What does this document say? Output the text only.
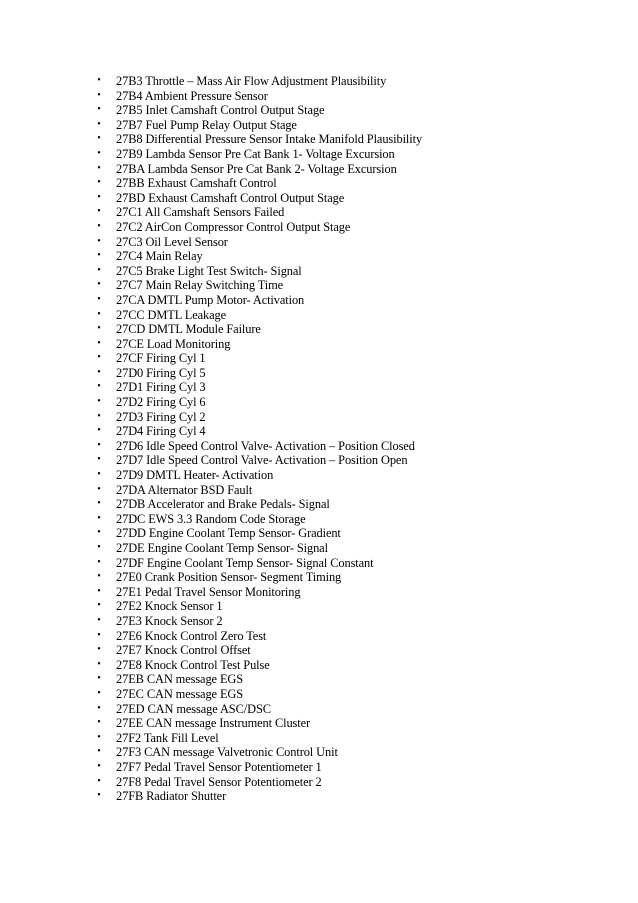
• 27B3 Throttle – Mass Air Flow Adjustment Plausibility
• 27B4 Ambient Pressure Sensor
• 27B5 Inlet Camshaft Control Output Stage
• 27B7 Fuel Pump Relay Output Stage
• 27B8 Differential Pressure Sensor Intake Manifold Plausibility
• 27B9 Lambda Sensor Pre Cat Bank 1- Voltage Excursion
• 27BA Lambda Sensor Pre Cat Bank 2- Voltage Excursion
• 27BB Exhaust Camshaft Control
• 27BD Exhaust Camshaft Control Output Stage
• 27C1 All Camshaft Sensors Failed
• 27C2 AirCon Compressor Control Output Stage
• 27C3 Oil Level Sensor
• 27C4 Main Relay
• 27C5 Brake Light Test Switch- Signal
• 27C7 Main Relay Switching Time
• 27CA DMTL Pump Motor- Activation
• 27CC DMTL Leakage
• 27CD DMTL Module Failure
• 27CE Load Monitoring
• 27CF Firing Cyl 1
• 27D0 Firing Cyl 5
• 27D1 Firing Cyl 3
• 27D2 Firing Cyl 6
• 27D3 Firing Cyl 2
• 27D4 Firing Cyl 4
• 27D6 Idle Speed Control Valve- Activation – Position Closed
• 27D7 Idle Speed Control Valve- Activation – Position Open
• 27D9 DMTL Heater- Activation
• 27DA Alternator BSD Fault
• 27DB Accelerator and Brake Pedals- Signal
• 27DC EWS 3.3 Random Code Storage
• 27DD Engine Coolant Temp Sensor- Gradient
• 27DE Engine Coolant Temp Sensor- Signal
• 27DF Engine Coolant Temp Sensor- Signal Constant
• 27E0 Crank Position Sensor- Segment Timing
• 27E1 Pedal Travel Sensor Monitoring
• 27E2 Knock Sensor 1
• 27E3 Knock Sensor 2
• 27E6 Knock Control Zero Test
• 27E7 Knock Control Offset
• 27E8 Knock Control Test Pulse
• 27EB CAN message EGS
• 27EC CAN message EGS
• 27ED CAN message ASC/DSC
• 27EE CAN message Instrument Cluster
• 27F2 Tank Fill Level
• 27F3 CAN message Valvetronic Control Unit
• 27F7 Pedal Travel Sensor Potentiometer 1
• 27F8 Pedal Travel Sensor Potentiometer 2
• 27FB Radiator Shutter
